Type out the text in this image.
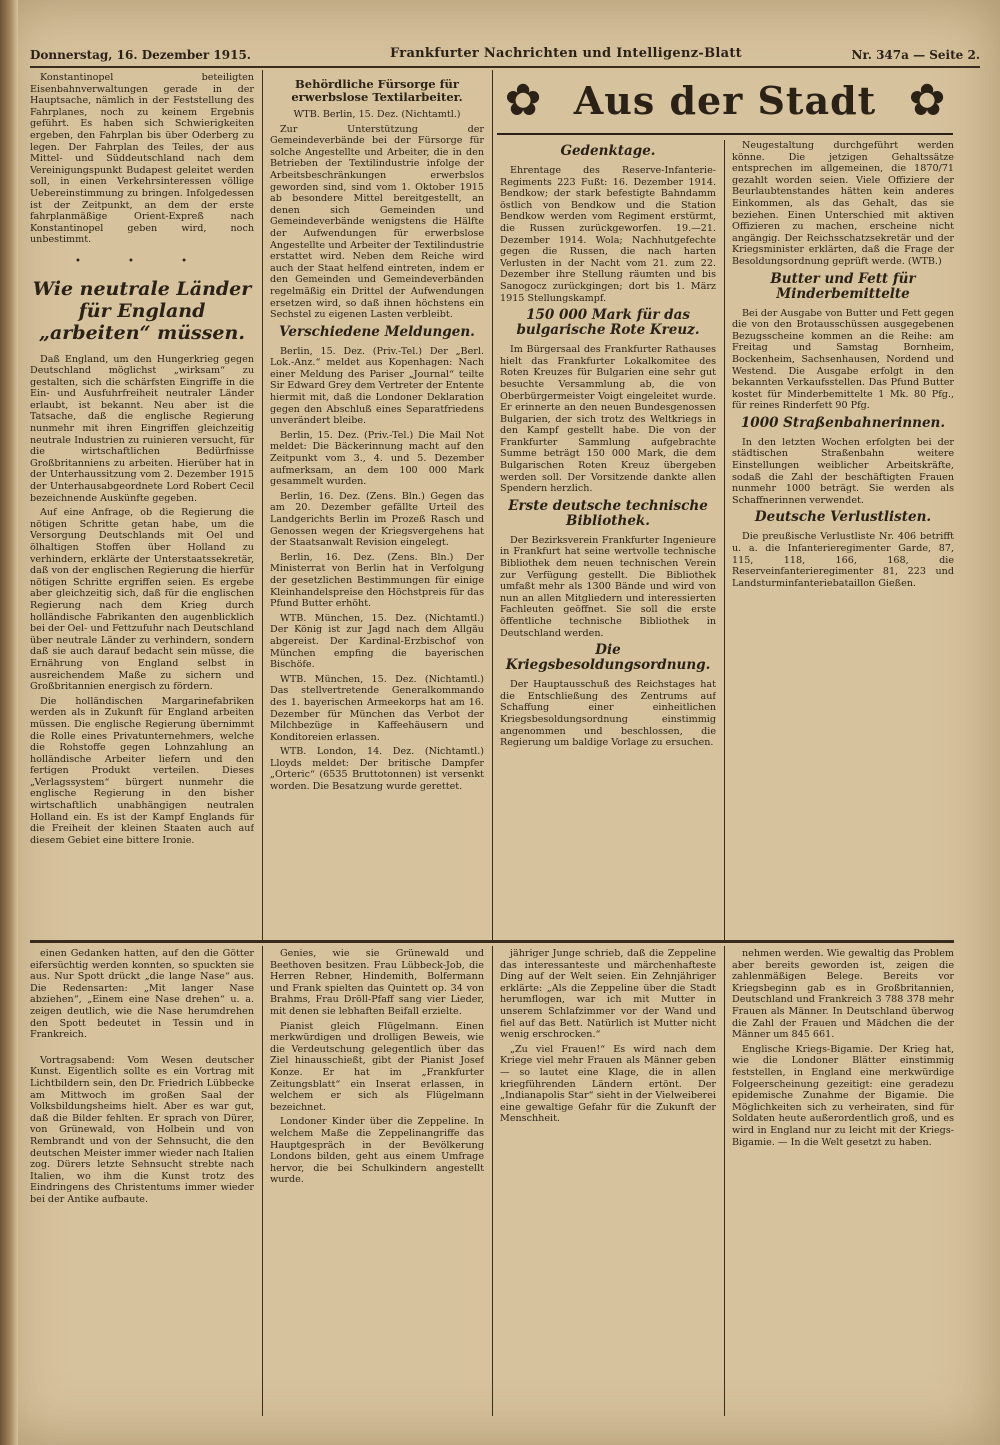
Donnerstag, 16. Dezember 1915.	Frankfurter Nachrichten und Intelligenz-Blatt	Nr. 347a — Seite 2.
✿ Aus der Stadt ✿

Konstantinopel beteiligten Eisenbahnverwaltungen gerade in der Hauptsache, nämlich in der Feststellung des Fahrplanes, noch zu keinem Ergebnis geführt. Es haben sich Schwierigkeiten ergeben, den Fahrplan bis über Oderberg zu legen. Der Fahrplan des Teiles, der aus Mittel- und Süddeutschland nach dem Vereinigungspunkt Budapest geleitet werden soll, in einen Verkehrsinteressen völlige Uebereinstimmung zu bringen. Infolgedessen ist der Zeitpunkt, an dem der erste fahrplanmäßige Orient-Expreß nach Konstantinopel geben wird, noch unbestimmt.

• • •
Wie neutrale Länder für England „arbeiten“ müssen.

Daß England, um den Hungerkrieg gegen Deutschland möglichst „wirksam“ zu gestalten, sich die schärfsten Eingriffe in die Ein- und Ausfuhrfreiheit neutraler Länder erlaubt, ist bekannt. Neu aber ist die Tatsache, daß die englische Regierung nunmehr mit ihren Eingriffen gleichzeitig neutrale Industrien zu ruinieren versucht, für die wirtschaftlichen Bedürfnisse Großbritanniens zu arbeiten. Hierüber hat in der Unterhaussitzung vom 2. Dezember 1915 der Unterhausabgeordnete Lord Robert Cecil bezeichnende Auskünfte gegeben.

Auf eine Anfrage, ob die Regierung die nötigen Schritte getan habe, um die Versorgung Deutschlands mit Oel und ölhaltigen Stoffen über Holland zu verhindern, erklärte der Unterstaatssekretär, daß von der englischen Regierung die hierfür nötigen Schritte ergriffen seien. Es ergebe aber gleichzeitig sich, daß für die englischen Regierung nach dem Krieg durch holländische Fabrikanten den augenblicklich bei der Oel- und Fettzufuhr nach Deutschland über neutrale Länder zu verhindern, sondern daß sie auch darauf bedacht sein müsse, die Ernährung von England selbst in ausreichendem Maße zu sichern und Großbritannien energisch zu fördern.

Die holländischen Margarinefabriken werden als in Zukunft für England arbeiten müssen. Die englische Regierung übernimmt die Rolle eines Privatunternehmers, welche die Rohstoffe gegen Lohnzahlung an holländische Arbeiter liefern und den fertigen Produkt verteilen. Dieses „Verlagssystem“ bürgert nunmehr die englische Regierung in den bisher wirtschaftlich unabhängigen neutralen Holland ein. Es ist der Kampf Englands für die Freiheit der kleinen Staaten auch auf diesem Gebiet eine bittere Ironie.

Behördliche Fürsorge für erwerbslose Textilarbeiter.

WTB. Berlin, 15. Dez. (Nichtamtl.)

Zur Unterstützung der Gemeindeverbände bei der Fürsorge für solche Angestellte und Arbeiter, die in den Betrieben der Textilindustrie infolge der Arbeitsbeschränkungen erwerbslos geworden sind, sind vom 1. Oktober 1915 ab besondere Mittel bereitgestellt, an denen sich Gemeinden und Gemeindeverbände wenigstens die Hälfte der Aufwendungen für erwerbslose Angestellte und Arbeiter der Textilindustrie erstattet wird. Neben dem Reiche wird auch der Staat helfend eintreten, indem er den Gemeinden und Gemeindeverbänden regelmäßig ein Drittel der Aufwendungen ersetzen wird, so daß ihnen höchstens ein Sechstel zu eigenen Lasten verbleibt.

Verschiedene Meldungen.

Berlin, 15. Dez. (Priv.-Tel.) Der „Berl. Lok.-Anz.“ meldet aus Kopenhagen: Nach einer Meldung des Pariser „Journal“ teilte Sir Edward Grey dem Vertreter der Entente hiermit mit, daß die Londoner Deklaration gegen den Abschluß eines Separatfriedens unverändert bleibe.

Berlin, 15. Dez. (Priv.-Tel.) Die Mail Not meldet: Die Bäckerinnung macht auf den Zeitpunkt vom 3., 4. und 5. Dezember aufmerksam, an dem 100 000 Mark gesammelt wurden.

Berlin, 16. Dez. (Zens. Bln.) Gegen das am 20. Dezember gefällte Urteil des Landgerichts Berlin im Prozeß Rasch und Genossen wegen der Kriegsvergehens hat der Staatsanwalt Revision eingelegt.

Berlin, 16. Dez. (Zens. Bln.) Der Ministerrat von Berlin hat in Verfolgung der gesetzlichen Bestimmungen für einige Kleinhandelspreise den Höchstpreis für das Pfund Butter erhöht.

WTB. München, 15. Dez. (Nichtamtl.) Der König ist zur Jagd nach dem Allgäu abgereist. Der Kardinal-Erzbischof von München empfing die bayerischen Bischöfe.

WTB. München, 15. Dez. (Nichtamtl.) Das stellvertretende Generalkommando des 1. bayerischen Armeekorps hat am 16. Dezember für München das Verbot der Milchbezüge in Kaffeehäusern und Konditoreien erlassen.

WTB. London, 14. Dez. (Nichtamtl.) Lloyds meldet: Der britische Dampfer „Orteric“ (6535 Bruttotonnen) ist versenkt worden. Die Besatzung wurde gerettet.

Gedenktage.

Ehrentage des Reserve-Infanterie-Regiments 223 Fußt: 16. Dezember 1914. Bendkow; der stark befestigte Bahndamm östlich von Bendkow und die Station Bendkow werden vom Regiment erstürmt, die Russen zurückgeworfen. 19.—21. Dezember 1914. Wola; Nachhutgefechte gegen die Russen, die nach harten Verlusten in der Nacht vom 21. zum 22. Dezember ihre Stellung räumten und bis Sanogocz zurückgingen; dort bis 1. März 1915 Stellungskampf.

150 000 Mark für das bulgarische Rote Kreuz.

Im Bürgersaal des Frankfurter Rathauses hielt das Frankfurter Lokalkomitee des Roten Kreuzes für Bulgarien eine sehr gut besuchte Versammlung ab, die von Oberbürgermeister Voigt eingeleitet wurde. Er erinnerte an den neuen Bundesgenossen Bulgarien, der sich trotz des Weltkriegs in den Kampf gestellt habe. Die von der Frankfurter Sammlung aufgebrachte Summe beträgt 150 000 Mark, die dem Bulgarischen Roten Kreuz übergeben werden soll. Der Vorsitzende dankte allen Spendern herzlich.

Erste deutsche technische Bibliothek.

Der Bezirksverein Frankfurter Ingenieure in Frankfurt hat seine wertvolle technische Bibliothek dem neuen technischen Verein zur Verfügung gestellt. Die Bibliothek umfaßt mehr als 1300 Bände und wird von nun an allen Mitgliedern und interessierten Fachleuten geöffnet. Sie soll die erste öffentliche technische Bibliothek in Deutschland werden.

Die Kriegsbesoldungsordnung.

Der Hauptausschuß des Reichstages hat die Entschließung des Zentrums auf Schaffung einer einheitlichen Kriegsbesoldungsordnung einstimmig angenommen und beschlossen, die Regierung um baldige Vorlage zu ersuchen.

Neugestaltung durchgeführt werden könne. Die jetzigen Gehaltssätze entsprechen im allgemeinen, die 1870/71 gezahlt worden seien. Viele Offiziere der Beurlaubtenstandes hätten kein anderes Einkommen, als das Gehalt, das sie beziehen. Einen Unterschied mit aktiven Offizieren zu machen, erscheine nicht angängig. Der Reichsschatzsekretär und der Kriegsminister erklärten, daß die Frage der Besoldungsordnung geprüft werde. (WTB.)

Butter und Fett für Minderbemittelte

Bei der Ausgabe von Butter und Fett gegen die von den Brotausschüssen ausgegebenen Bezugsscheine kommen an die Reihe: am Freitag und Samstag Bornheim, Bockenheim, Sachsenhausen, Nordend und Westend. Die Ausgabe erfolgt in den bekannten Verkaufsstellen. Das Pfund Butter kostet für Minderbemittelte 1 Mk. 80 Pfg., für reines Rinderfett 90 Pfg.

1000 Straßenbahnerinnen.

In den letzten Wochen erfolgten bei der städtischen Straßenbahn weitere Einstellungen weiblicher Arbeitskräfte, sodaß die Zahl der beschäftigten Frauen nunmehr 1000 beträgt. Sie werden als Schaffnerinnen verwendet.

Deutsche Verlustlisten.

Die preußische Verlustliste Nr. 406 betrifft u. a. die Infanterieregimenter Garde, 87, 115, 118, 166, 168, die Reserveinfanterieregimenter 81, 223 und Landsturminfanteriebataillon Gießen.

einen Gedanken hatten, auf den die Götter eifersüchtig werden konnten, so spuckten sie aus. Nur Spott drückt „die lange Nase“ aus. Die Redensarten: „Mit langer Nase abziehen“, „Einem eine Nase drehen“ u. a. zeigen deutlich, wie die Nase herumdrehen den Spott bedeutet in Tessin und in Frankreich.

Vortragsabend: Vom Wesen deutscher Kunst. Eigentlich sollte es ein Vortrag mit Lichtbildern sein, den Dr. Friedrich Lübbecke am Mittwoch im großen Saal der Volksbildungsheims hielt. Aber es war gut, daß die Bilder fehlten. Er sprach von Dürer, von Grünewald, von Holbein und von Rembrandt und von der Sehnsucht, die den deutschen Meister immer wieder nach Italien zog. Dürers letzte Sehnsucht strebte nach Italien, wo ihm die Kunst trotz des Eindringens des Christentums immer wieder bei der Antike aufbaute.

Genies, wie sie Grünewald und Beethoven besitzen. Frau Lübbeck-Job, die Herren Rebner, Hindemith, Bolfermann und Frank spielten das Quintett op. 34 von Brahms, Frau Dröll-Pfaff sang vier Lieder, mit denen sie lebhaften Beifall erzielte.

Pianist gleich Flügelmann. Einen merkwürdigen und drolligen Beweis, wie die Verdeutschung gelegentlich über das Ziel hinausschießt, gibt der Pianist Josef Konze. Er hat im „Frankfurter Zeitungsblatt“ ein Inserat erlassen, in welchem er sich als Flügelmann bezeichnet.

Londoner Kinder über die Zeppeline. In welchem Maße die Zeppelinangriffe das Hauptgespräch in der Bevölkerung Londons bilden, geht aus einem Umfrage hervor, die bei Schulkindern angestellt wurde.

jähriger Junge schrieb, daß die Zeppeline das interessanteste und märchenhafteste Ding auf der Welt seien. Ein Zehnjähriger erklärte: „Als die Zeppeline über die Stadt herumflogen, war ich mit Mutter in unserem Schlafzimmer vor der Wand und fiel auf das Bett. Natürlich ist Mutter nicht wenig erschrocken.“

„Zu viel Frauen!“ Es wird nach dem Kriege viel mehr Frauen als Männer geben — so lautet eine Klage, die in allen kriegführenden Ländern ertönt. Der „Indianapolis Star“ sieht in der Vielweiberei eine gewaltige Gefahr für die Zukunft der Menschheit.

nehmen werden. Wie gewaltig das Problem aber bereits geworden ist, zeigen die zahlenmäßigen Belege. Bereits vor Kriegsbeginn gab es in Großbritannien, Deutschland und Frankreich 3 788 378 mehr Frauen als Männer. In Deutschland überwog die Zahl der Frauen und Mädchen die der Männer um 845 661.

Englische Kriegs-Bigamie. Der Krieg hat, wie die Londoner Blätter einstimmig feststellen, in England eine merkwürdige Folgeerscheinung gezeitigt: eine geradezu epidemische Zunahme der Bigamie. Die Möglichkeiten sich zu verheiraten, sind für Soldaten heute außerordentlich groß, und es wird in England nur zu leicht mit der Kriegs-Bigamie. — In die Welt gesetzt zu haben.
